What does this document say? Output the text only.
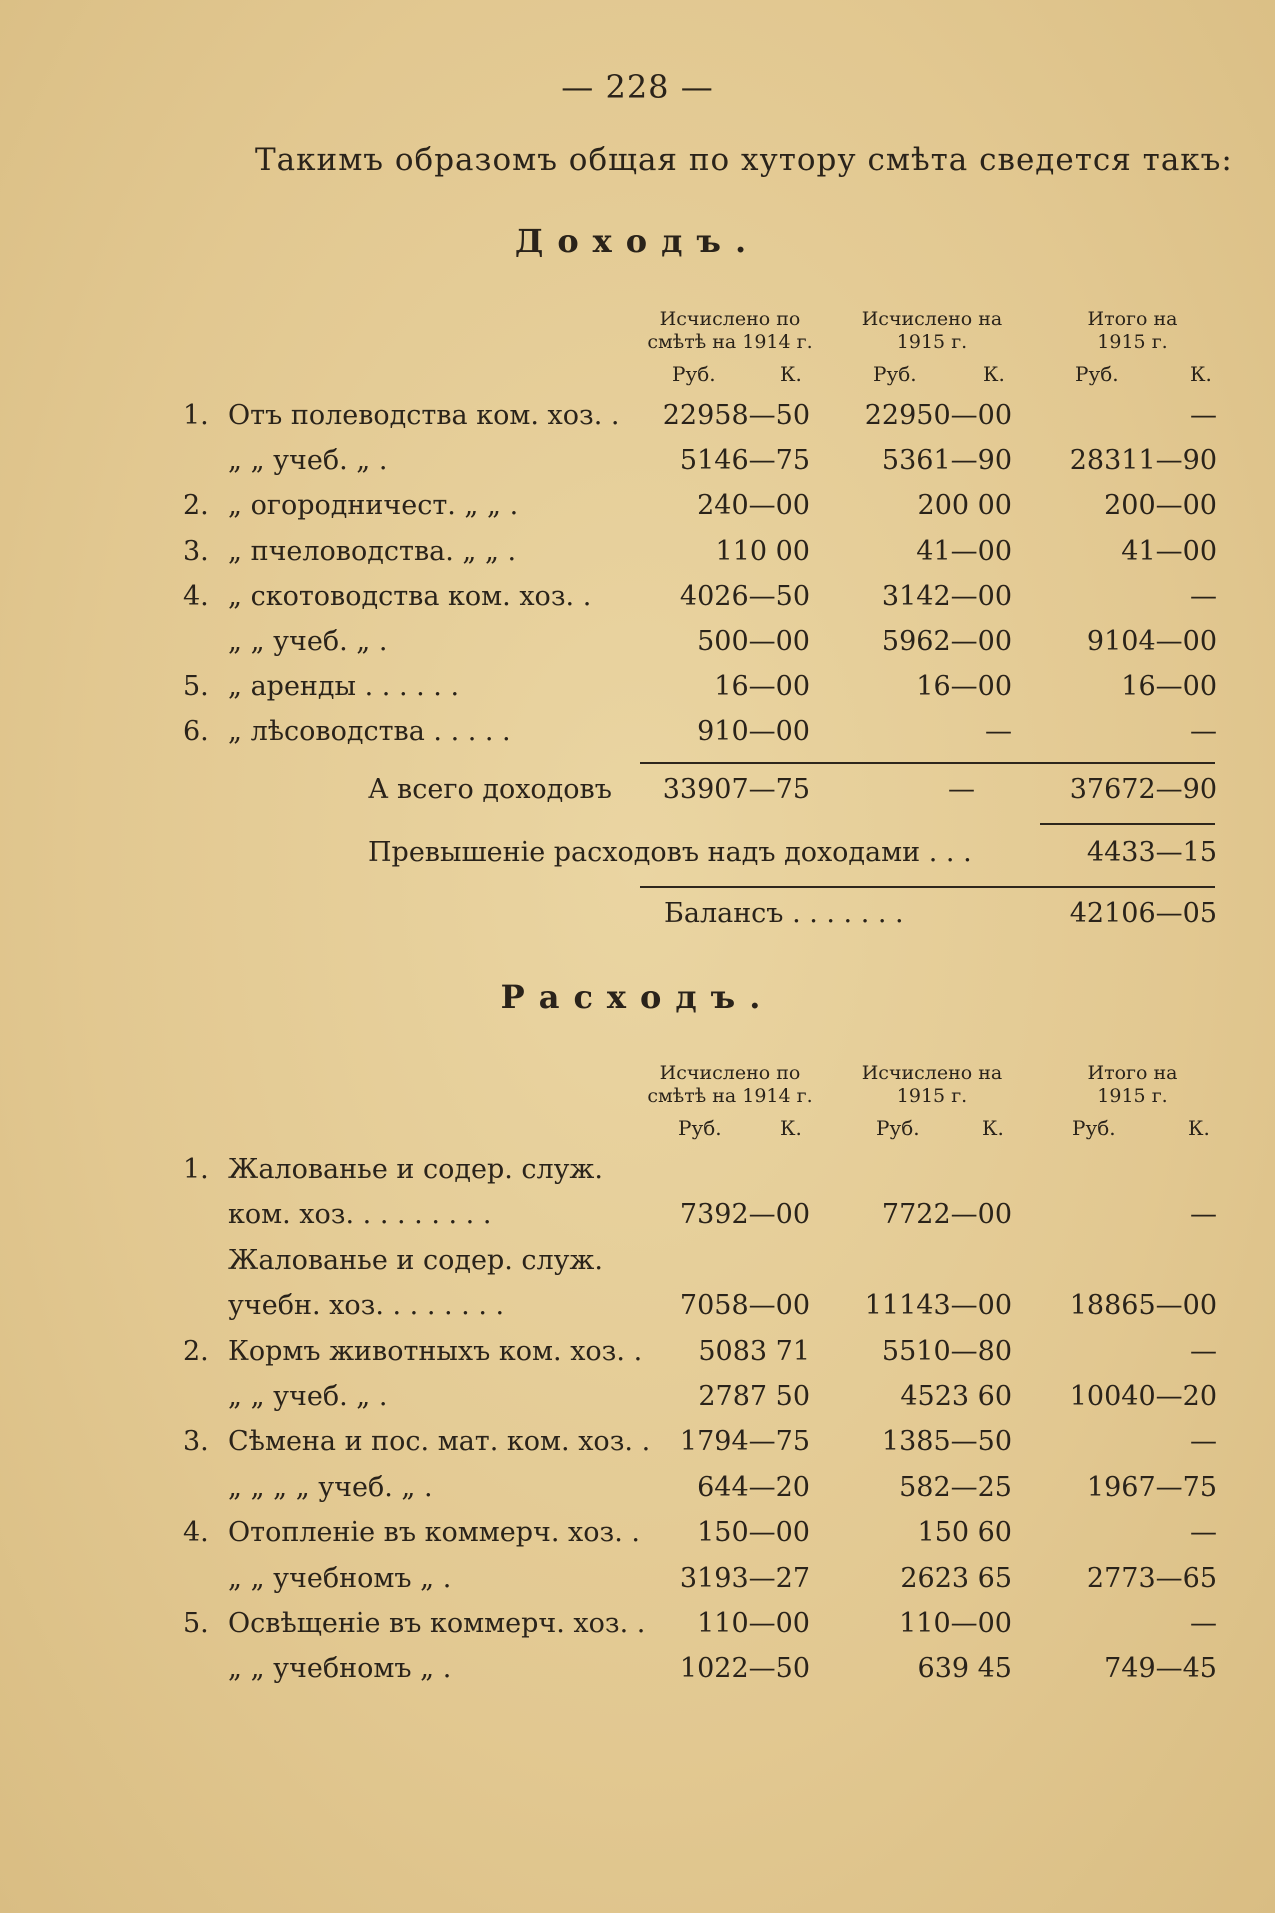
— 228 —
Такимъ образомъ общая по хутору смѣта сведется такъ:
Доходъ.
Исчислено по
смѣтѣ на 1914 г.
Исчислено на
1915 г.
Итого на
1915 г.
Руб.	К.	Руб.	К.	Руб.	К.
1. Отъ полеводства ком. хоз. . 22958—50 22950—00	—
„ „ учеб. „ .	5146—75	5361—90 28311—90
2. „ огородничест. „ „ .	240—00	200 00	200—00
3. „ пчеловодства. „ „ .	110 00	41—00	41—00
4. „ скотоводства ком. хоз. .	4026—50	3142—00	—
„ „ учеб. „ .	500—00	5962—00	9104—00
5. „ аренды . . . . . .	16—00	16—00	16—00
6. „ лѣсоводства . . . . .	910—00	—	—
А всего доходовъ 33907—75	—	37672—90
Превышеніе расходовъ надъ доходами . . .	4433—15
Балансъ . . . . . . .	42106—05
Расходъ.
Исчислено по
смѣтѣ на 1914 г.
Исчислено на
1915 г.
Итого на
1915 г.
Руб.	К.	Руб.	К.	Руб.	К.
1. Жалованье и содер. служ.
ком. хоз. . . . . . . . .	7392—00	7722—00	—
Жалованье и содер. служ.
учебн. хоз. . . . . . . .	7058—00 11143—00 18865—00
2. Кормъ животныхъ ком. хоз. . 5083 71	5510—80	—
„ „ учеб. „ .	2787 50	4523 60 10040—20
3. Сѣмена и пос. мат. ком. хоз. . 1794—75	1385—50	—
„ „ „ „ учеб. „ .	644—20	582—25	1967—75
4. Отопленіе въ коммерч. хоз. . 150—00	150 60	—
„ „ учебномъ „ .	3193—27	2623 65	2773—65
5. Освѣщеніе въ коммерч. хоз. . 110—00	110—00	—
„ „ учебномъ „ .	1022—50	639 45	749—45
